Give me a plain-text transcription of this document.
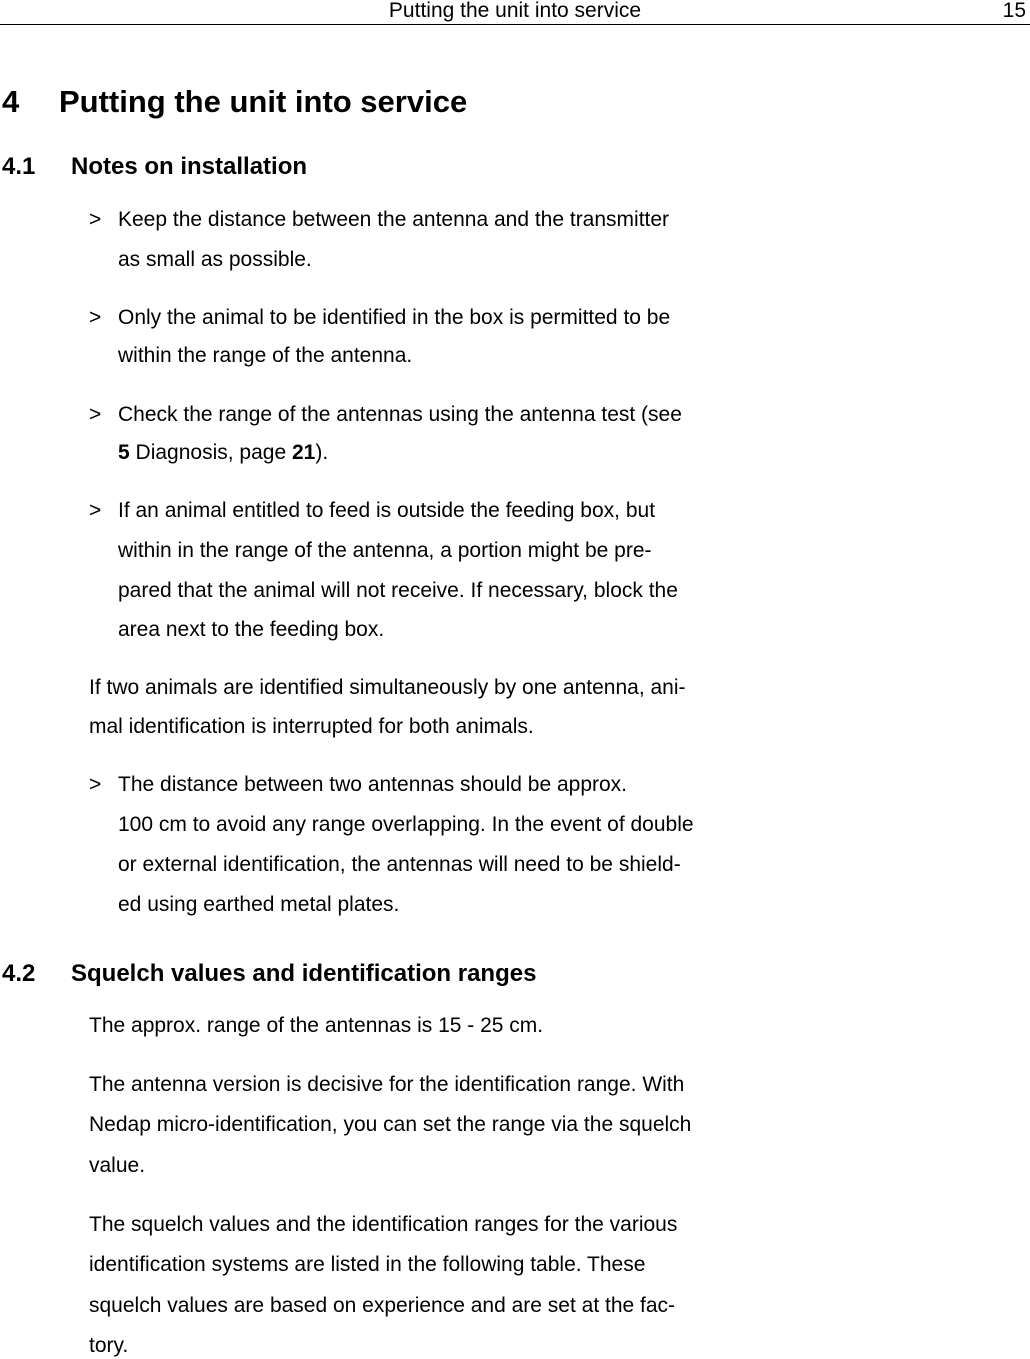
Putting the unit into service	15
4 Putting the unit into service
4.1 Notes on installation
> Keep the distance between the antenna and the transmitter
as small as possible.
> Only the animal to be identified in the box is permitted to be
within the range of the antenna.
> Check the range of the antennas using the antenna test (see
5 Diagnosis, page 21).
> If an animal entitled to feed is outside the feeding box, but
within in the range of the antenna, a portion might be pre-
pared that the animal will not receive. If necessary, block the
area next to the feeding box.
If two animals are identified simultaneously by one antenna, ani-
mal identification is interrupted for both animals.
> The distance between two antennas should be approx.
100 cm to avoid any range overlapping. In the event of double
or external identification, the antennas will need to be shield-
ed using earthed metal plates.
4.2 Squelch values and identification ranges
The approx. range of the antennas is 15 - 25 cm.
The antenna version is decisive for the identification range. With
Nedap micro-identification, you can set the range via the squelch
value.
The squelch values and the identification ranges for the various
identification systems are listed in the following table. These
squelch values are based on experience and are set at the fac-
tory.
